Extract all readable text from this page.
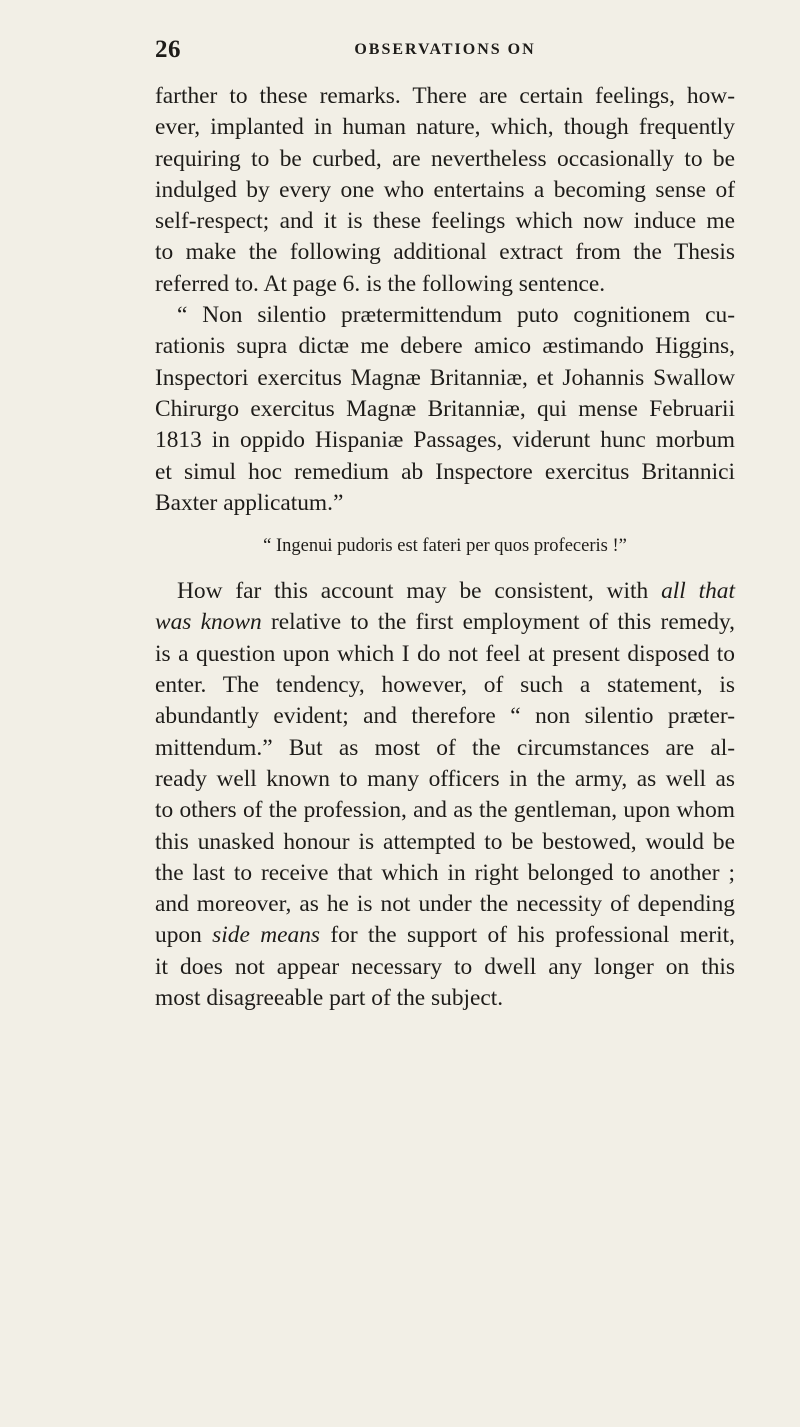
26	OBSERVATIONS ON
farther to these remarks. There are certain feelings, how-
ever, implanted in human nature, which, though frequently
requiring to be curbed, are nevertheless occasionally to be
indulged by every one who entertains a becoming sense of
self-respect; and it is these feelings which now induce me
to make the following additional extract from the Thesis
referred to. At page 6. is the following sentence.
“ Non silentio prætermittendum puto cognitionem cu-
rationis supra dictæ me debere amico æstimando Higgins,
Inspectori exercitus Magnæ Britanniæ, et Johannis Swallow
Chirurgo exercitus Magnæ Britanniæ, qui mense Februarii
1813 in oppido Hispaniæ Passages, viderunt hunc morbum
et simul hoc remedium ab Inspectore exercitus Britannici
Baxter applicatum.”
“ Ingenui pudoris est fateri per quos profeceris !”
How far this account may be consistent, with all that
was known relative to the first employment of this remedy,
is a question upon which I do not feel at present disposed to
enter. The tendency, however, of such a statement, is
abundantly evident; and therefore “ non silentio præter-
mittendum.” But as most of the circumstances are al-
ready well known to many officers in the army, as well as
to others of the profession, and as the gentleman, upon whom
this unasked honour is attempted to be bestowed, would be
the last to receive that which in right belonged to another ;
and moreover, as he is not under the necessity of depending
upon side means for the support of his professional merit,
it does not appear necessary to dwell any longer on this
most disagreeable part of the subject.
